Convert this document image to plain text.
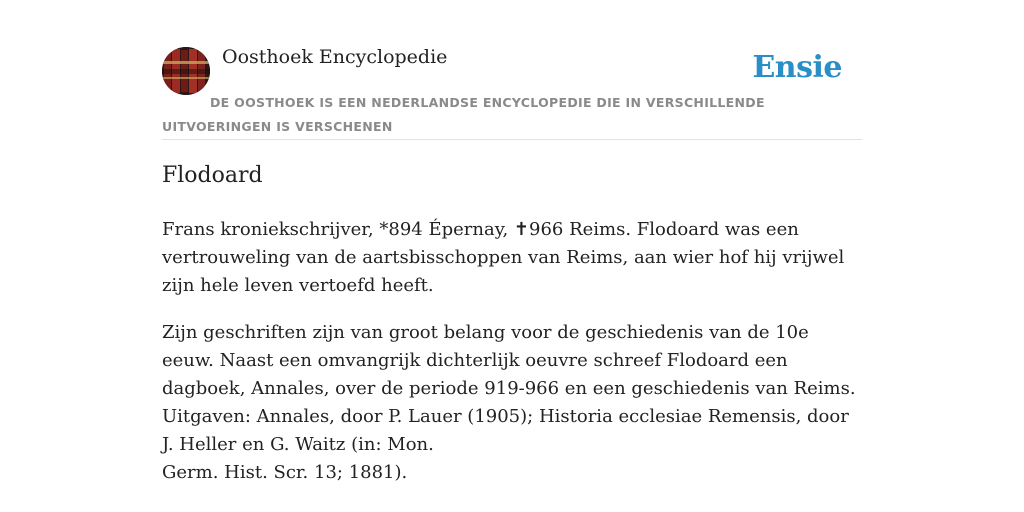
Oosthoek Encyclopedie	Ensie
DE OOSTHOEK IS EEN NEDERLANDSE ENCYCLOPEDIE DIE IN VERSCHILLENDE UITVOERINGEN IS VERSCHENEN
Flodoard

Frans kroniekschrijver, *894 Épernay, ✝966 Reims. Flodoard was een vertrouweling van de aartsbisschoppen van Reims, aan wier hof hij vrijwel zijn hele leven vertoefd heeft.

Zijn geschriften zijn van groot belang voor de geschiedenis van de 10e eeuw. Naast een omvangrijk dichterlijk oeuvre schreef Flodoard een dagboek, Annales, over de periode 919-966 en een geschiedenis van Reims. Uitgaven: Annales, door P. Lauer (1905); Historia ecclesiae Remensis, door J. Heller en G. Waitz (in: Mon.

Germ. Hist. Scr. 13; 1881).
